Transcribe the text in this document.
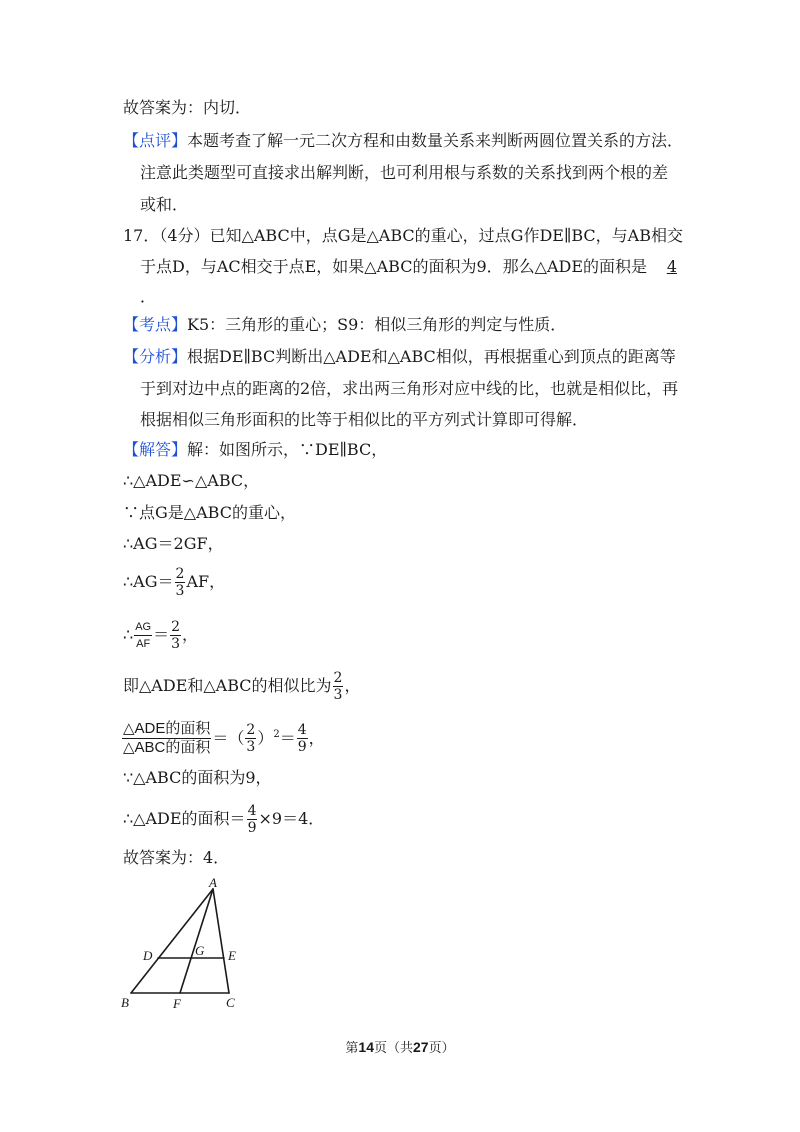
故答案为：内切．
【点评】本题考查了解一元二次方程和由数量关系来判断两圆位置关系的方法．
注意此类题型可直接求出解判断，也可利用根与系数的关系找到两个根的差
或和．
17．（4分）已知△ABC中，点G是△ABC的重心，过点G作DE∥BC，与AB相交
于点D，与AC相交于点E，如果△ABC的面积为9．那么△ADE的面积是 4
．
【考点】K5：三角形的重心；S9：相似三角形的判定与性质．
【分析】根据DE∥BC判断出△ADE和△ABC相似，再根据重心到顶点的距离等
于到对边中点的距离的2倍，求出两三角形对应中线的比，也就是相似比，再
根据相似三角形面积的比等于相似比的平方列式计算即可得解．
【解答】解：如图所示，∵DE∥BC，
∴△ADE∽△ABC，
∵点G是△ABC的重心，
∴AG＝2GF，
∴AG＝ $\frac{2}{3}$ AF，
∴ $\frac{AG}{AF} = \frac{2}{3}$ ，
即△ADE和△ABC的相似比为 $\frac{2}{3}$ ，
$\frac{\text{△ADE的面积}}{\text{△ABC的面积}}$ ＝（ $\frac{2}{3} )^2= \frac{4}{9}$ ，
∵△ABC的面积为9，
∴△ADE的面积＝ $\frac{4}{9} \times 9=4$．
故答案为：4．
A
B	C
D	E
F
G
第14页（共27页）
